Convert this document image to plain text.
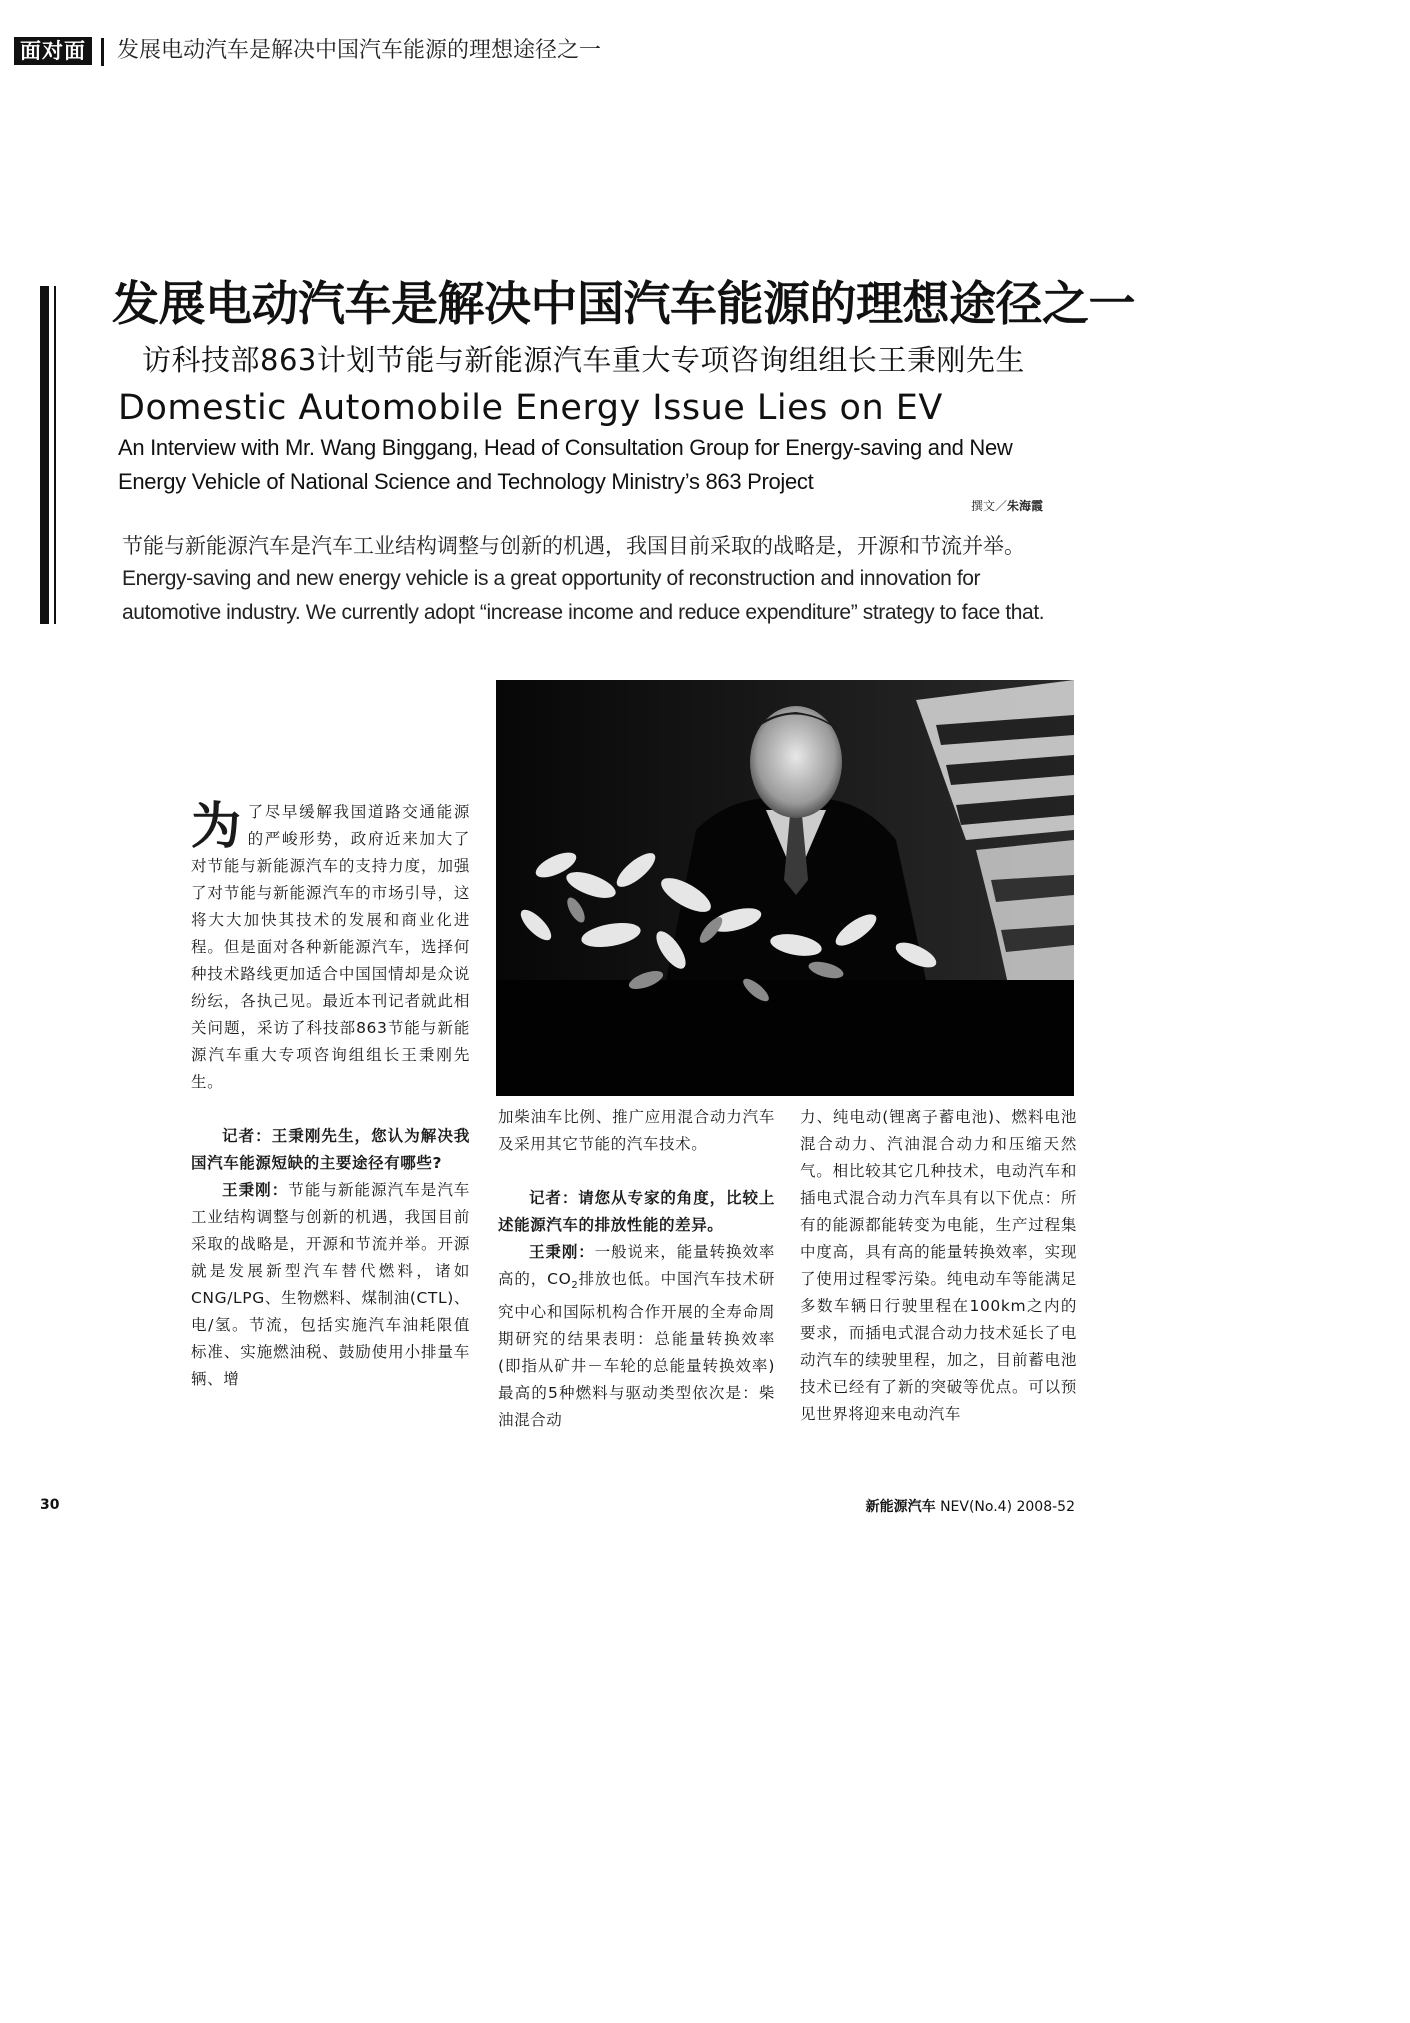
面对面 发展电动汽车是解决中国汽车能源的理想途径之一
发展电动汽车是解决中国汽车能源的理想途径之一
访科技部863计划节能与新能源汽车重大专项咨询组组长王秉刚先生
Domestic Automobile Energy Issue Lies on EV
An Interview with Mr. Wang Binggang, Head of Consultation Group for Energy-saving and New Energy Vehicle of National Science and Technology Ministry’s 863 Project
撰文／朱海霞
节能与新能源汽车是汽车工业结构调整与创新的机遇，我国目前采取的战略是，开源和节流并举。
Energy-saving and new energy vehicle is a great opportunity of reconstruction and innovation for automotive industry. We currently adopt “increase income and reduce expenditure” strategy to face that.

为了尽早缓解我国道路交通能源的严峻形势，政府近来加大了对节能与新能源汽车的支持力度，加强了对节能与新能源汽车的市场引导，这将大大加快其技术的发展和商业化进程。但是面对各种新能源汽车，选择何种技术路线更加适合中国国情却是众说纷纭，各执己见。最近本刊记者就此相关问题，采访了科技部863节能与新能源汽车重大专项咨询组组长王秉刚先生。

记者：王秉刚先生，您认为解决我国汽车能源短缺的主要途径有哪些?

王秉刚：节能与新能源汽车是汽车工业结构调整与创新的机遇，我国目前采取的战略是，开源和节流并举。开源就是发展新型汽车替代燃料，诸如CNG/LPG、生物燃料、煤制油(CTL)、电/氢。节流，包括实施汽车油耗限值标准、实施燃油税、鼓励使用小排量车辆、增

加柴油车比例、推广应用混合动力汽车及采用其它节能的汽车技术。

记者：请您从专家的角度，比较上述能源汽车的排放性能的差异。

王秉刚：一般说来，能量转换效率高的，$CO_2$排放也低。中国汽车技术研究中心和国际机构合作开展的全寿命周期研究的结果表明：总能量转换效率(即指从矿井－车轮的总能量转换效率)最高的5种燃料与驱动类型依次是：柴油混合动

力、纯电动(锂离子蓄电池)、燃料电池混合动力、汽油混合动力和压缩天然气。相比较其它几种技术，电动汽车和插电式混合动力汽车具有以下优点：所有的能源都能转变为电能，生产过程集中度高，具有高的能量转换效率，实现了使用过程零污染。纯电动车等能满足多数车辆日行驶里程在100km之内的要求，而插电式混合动力技术延长了电动汽车的续驶里程，加之，目前蓄电池技术已经有了新的突破等优点。可以预见世界将迎来电动汽车

30	新能源汽车 NEV(No.4) 2008-52
